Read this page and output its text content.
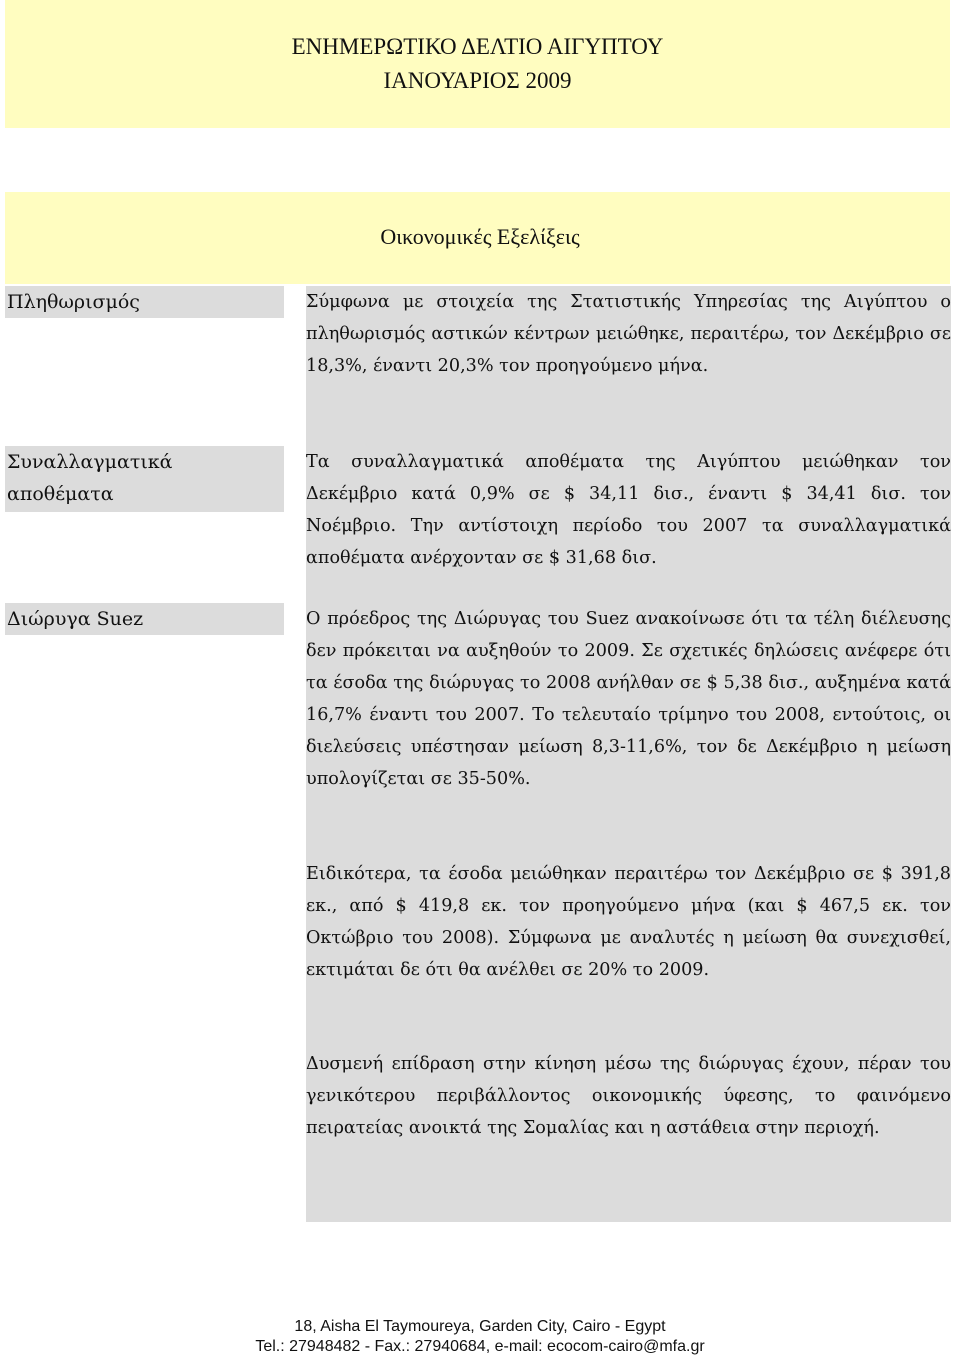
ΕΝΗΜΕΡΩΤΙΚΟ ΔΕΛΤΙΟ ΑΙΓΥΠΤΟΥ
ΙΑΝΟΥΑΡΙΟΣ 2009
Οικονομικές Εξελίξεις
Πληθωρισμός
Συναλλαγματικά αποθέματα
Διώρυγα Suez

Σύμφωνα με στοιχεία της Στατιστικής Υπηρεσίας της Αιγύπτου ο πληθωρισμός αστικών κέντρων μειώθηκε, περαιτέρω, τον Δεκέμβριο σε 18,3%, έναντι 20,3% τον προηγούμενο μήνα.

Τα συναλλαγματικά αποθέματα της Αιγύπτου μειώθηκαν τον Δεκέμβριο κατά 0,9% σε $ 34,11 δισ., έναντι $ 34,41 δισ. τον Νοέμβριο. Την αντίστοιχη περίοδο του 2007 τα συναλλαγματικά αποθέματα ανέρχονταν σε $ 31,68 δισ.

Ο πρόεδρος της Διώρυγας του Suez ανακοίνωσε ότι τα τέλη διέλευσης δεν πρόκειται να αυξηθούν το 2009. Σε σχετικές δηλώσεις ανέφερε ότι τα έσοδα της διώρυγας το 2008 ανήλθαν σε $ 5,38 δισ., αυξημένα κατά 16,7% έναντι του 2007. Το τελευταίο τρίμηνο του 2008, εντούτοις, οι διελεύσεις υπέστησαν μείωση 8,3-11,6%, τον δε Δεκέμβριο η μείωση υπολογίζεται σε 35-50%.

Ειδικότερα, τα έσοδα μειώθηκαν περαιτέρω τον Δεκέμβριο σε $ 391,8 εκ., από $ 419,8 εκ. τον προηγούμενο μήνα (και $ 467,5 εκ. τον Οκτώβριο του 2008). Σύμφωνα με αναλυτές η μείωση θα συνεχισθεί, εκτιμάται δε ότι θα ανέλθει σε 20% το 2009.

Δυσμενή επίδραση στην κίνηση μέσω της διώρυγας έχουν, πέραν του γενικότερου περιβάλλοντος οικονομικής ύφεσης, το φαινόμενο πειρατείας ανοικτά της Σομαλίας και η αστάθεια στην περιοχή.

18, Aisha El Taymoureya, Garden City, Cairo - Egypt
Tel.: 27948482 - Fax.: 27940684, e-mail: ecocom-cairo@mfa.gr
